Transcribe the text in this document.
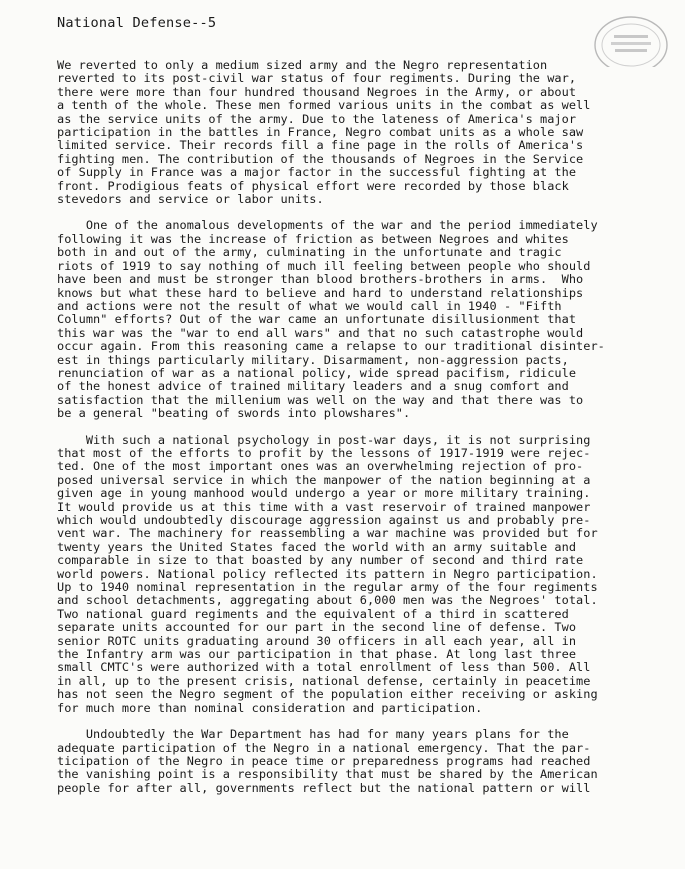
National Defense--5
We reverted to only a medium sized army and the Negro representation
reverted to its post-civil war status of four regiments. During the war,
there were more than four hundred thousand Negroes in the Army, or about
a tenth of the whole. These men formed various units in the combat as well
as the service units of the army. Due to the lateness of America's major
participation in the battles in France, Negro combat units as a whole saw
limited service. Their records fill a fine page in the rolls of America's
fighting men. The contribution of the thousands of Negroes in the Service
of Supply in France was a major factor in the successful fighting at the
front. Prodigious feats of physical effort were recorded by those black
stevedors and service or labor units.
One of the anomalous developments of the war and the period immediately
following it was the increase of friction as between Negroes and whites
both in and out of the army, culminating in the unfortunate and tragic
riots of 1919 to say nothing of much ill feeling between people who should
have been and must be stronger than blood brothers-brothers in arms.  Who
knows but what these hard to believe and hard to understand relationships
and actions were not the result of what we would call in 1940 - "Fifth
Column" efforts? Out of the war came an unfortunate disillusionment that
this war was the "war to end all wars" and that no such catastrophe would
occur again. From this reasoning came a relapse to our traditional disinter-
est in things particularly military. Disarmament, non-aggression pacts,
renunciation of war as a national policy, wide spread pacifism, ridicule
of the honest advice of trained military leaders and a snug comfort and
satisfaction that the millenium was well on the way and that there was to
be a general "beating of swords into plowshares".
With such a national psychology in post-war days, it is not surprising
that most of the efforts to profit by the lessons of 1917-1919 were rejec-
ted. One of the most important ones was an overwhelming rejection of pro-
posed universal service in which the manpower of the nation beginning at a
given age in young manhood would undergo a year or more military training.
It would provide us at this time with a vast reservoir of trained manpower
which would undoubtedly discourage aggression against us and probably pre-
vent war. The machinery for reassembling a war machine was provided but for
twenty years the United States faced the world with an army suitable and
comparable in size to that boasted by any number of second and third rate
world powers. National policy reflected its pattern in Negro participation.
Up to 1940 nominal representation in the regular army of the four regiments
and school detachments, aggregating about 6,000 men was the Negroes' total.
Two national guard regiments and the equivalent of a third in scattered
separate units accounted for our part in the second line of defense. Two
senior ROTC units graduating around 30 officers in all each year, all in
the Infantry arm was our participation in that phase. At long last three
small CMTC's were authorized with a total enrollment of less than 500. All
in all, up to the present crisis, national defense, certainly in peacetime
has not seen the Negro segment of the population either receiving or asking
for much more than nominal consideration and participation.
Undoubtedly the War Department has had for many years plans for the
adequate participation of the Negro in a national emergency. That the par-
ticipation of the Negro in peace time or preparedness programs had reached
the vanishing point is a responsibility that must be shared by the American
people for after all, governments reflect but the national pattern or will
